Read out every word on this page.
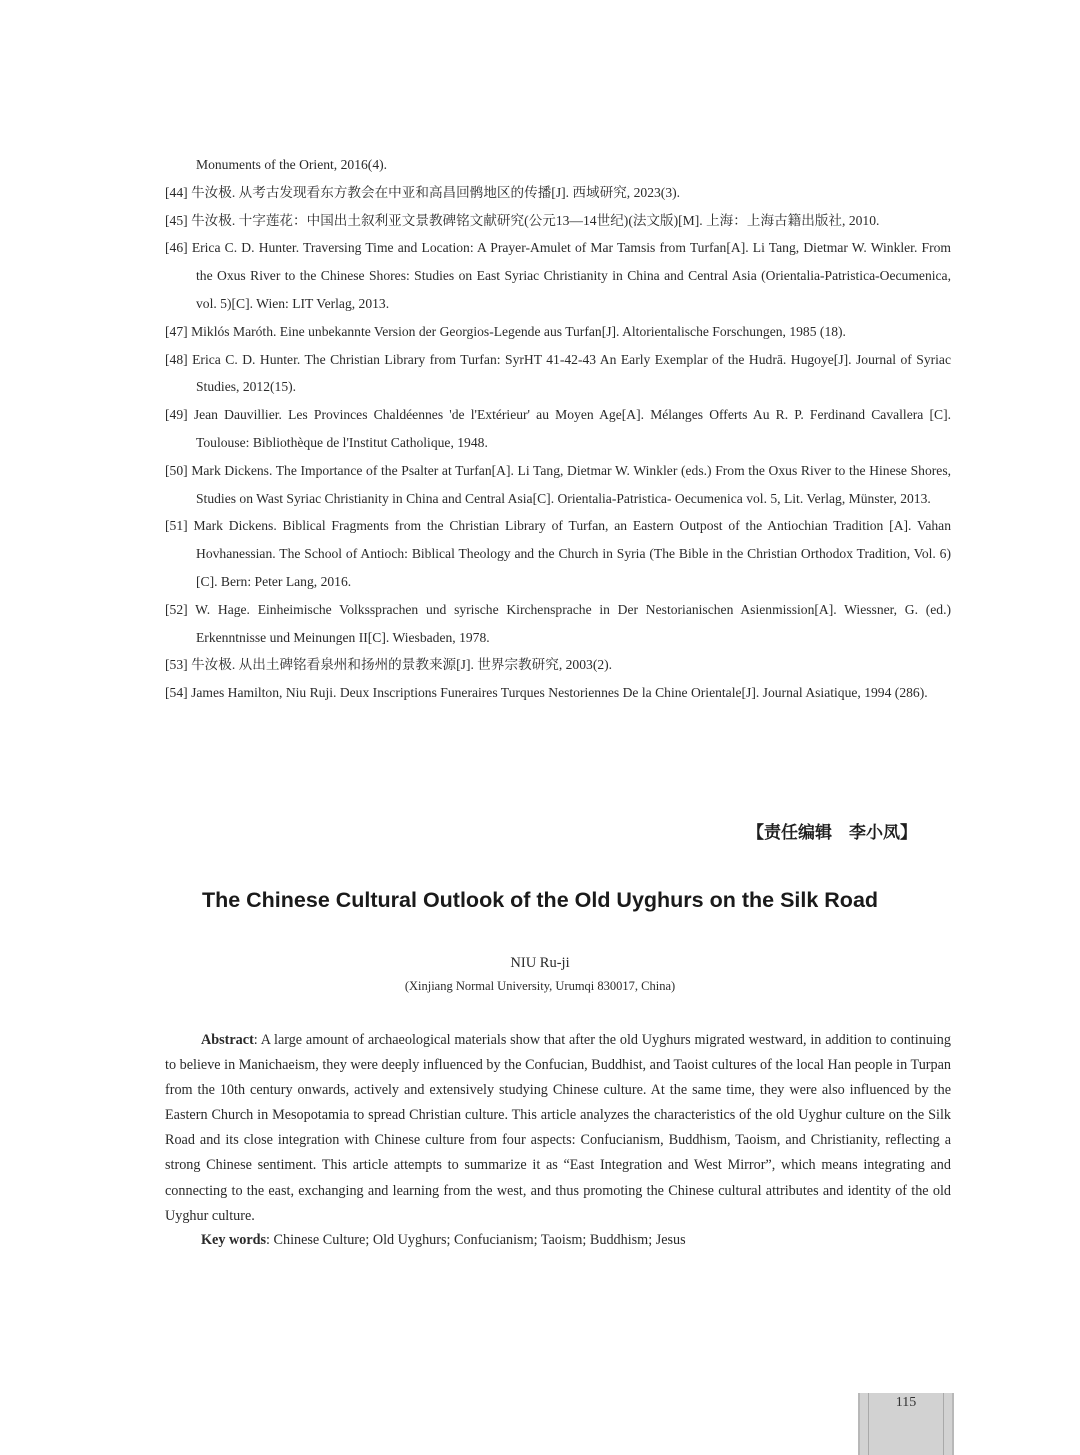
Monuments of the Orient, 2016(4).

[44] 牛汝极. 从考古发现看东方教会在中亚和高昌回鹘地区的传播[J]. 西域研究, 2023(3).

[45] 牛汝极. 十字莲花：中国出土叙利亚文景教碑铭文献研究(公元13—14世纪)(法文版)[M]. 上海：上海古籍出版社, 2010.

[46] Erica C. D. Hunter. Traversing Time and Location: A Prayer-Amulet of Mar Tamsis from Turfan[A]. Li Tang, Dietmar W. Winkler. From the Oxus River to the Chinese Shores: Studies on East Syriac Christianity in China and Central Asia (Orientalia-Patristica-Oecumenica, vol. 5)[C]. Wien: LIT Verlag, 2013.

[47] Miklós Maróth. Eine unbekannte Version der Georgios-Legende aus Turfan[J]. Altorientalische Forschungen, 1985 (18).

[48] Erica C. D. Hunter. The Christian Library from Turfan: SyrHT 41-42-43 An Early Exemplar of the Hudrā. Hugoye[J]. Journal of Syriac Studies, 2012(15).

[49] Jean Dauvillier. Les Provinces Chaldéennes 'de l'Extérieur' au Moyen Age[A]. Mélanges Offerts Au R. P. Ferdinand Cavallera [C]. Toulouse: Bibliothèque de l'Institut Catholique, 1948.

[50] Mark Dickens. The Importance of the Psalter at Turfan[A]. Li Tang, Dietmar W. Winkler (eds.) From the Oxus River to the Hinese Shores, Studies on Wast Syriac Christianity in China and Central Asia[C]. Orientalia-Patristica- Oecumenica vol. 5, Lit. Verlag, Münster, 2013.

[51] Mark Dickens. Biblical Fragments from the Christian Library of Turfan, an Eastern Outpost of the Antiochian Tradition [A]. Vahan Hovhanessian. The School of Antioch: Biblical Theology and the Church in Syria (The Bible in the Christian Orthodox Tradition, Vol. 6)[C]. Bern: Peter Lang, 2016.

[52] W. Hage. Einheimische Volkssprachen und syrische Kirchensprache in Der Nestorianischen Asienmission[A]. Wiessner, G. (ed.) Erkenntnisse und Meinungen II[C]. Wiesbaden, 1978.

[53] 牛汝极. 从出土碑铭看泉州和扬州的景教来源[J]. 世界宗教研究, 2003(2).

[54] James Hamilton, Niu Ruji. Deux Inscriptions Funeraires Turques Nestoriennes De la Chine Orientale[J]. Journal Asiatique, 1994 (286).

【责任编辑　李小凤】
The Chinese Cultural Outlook of the Old Uyghurs on the Silk Road
NIU Ru-ji
(Xinjiang Normal University, Urumqi 830017, China)

Abstract: A large amount of archaeological materials show that after the old Uyghurs migrated westward, in addition to continuing to believe in Manichaeism, they were deeply influenced by the Confucian, Buddhist, and Taoist cultures of the local Han people in Turpan from the 10th century onwards, actively and extensively studying Chinese culture. At the same time, they were also influenced by the Eastern Church in Mesopotamia to spread Christian culture. This article analyzes the characteristics of the old Uyghur culture on the Silk Road and its close integration with Chinese culture from four aspects: Confucianism, Buddhism, Taoism, and Christianity, reflecting a strong Chinese sentiment. This article attempts to summarize it as “East Integration and West Mirror”, which means integrating and connecting to the east, exchanging and learning from the west, and thus promoting the Chinese cultural attributes and identity of the old Uyghur culture.

Key words: Chinese Culture; Old Uyghurs; Confucianism; Taoism; Buddhism; Jesus

115
